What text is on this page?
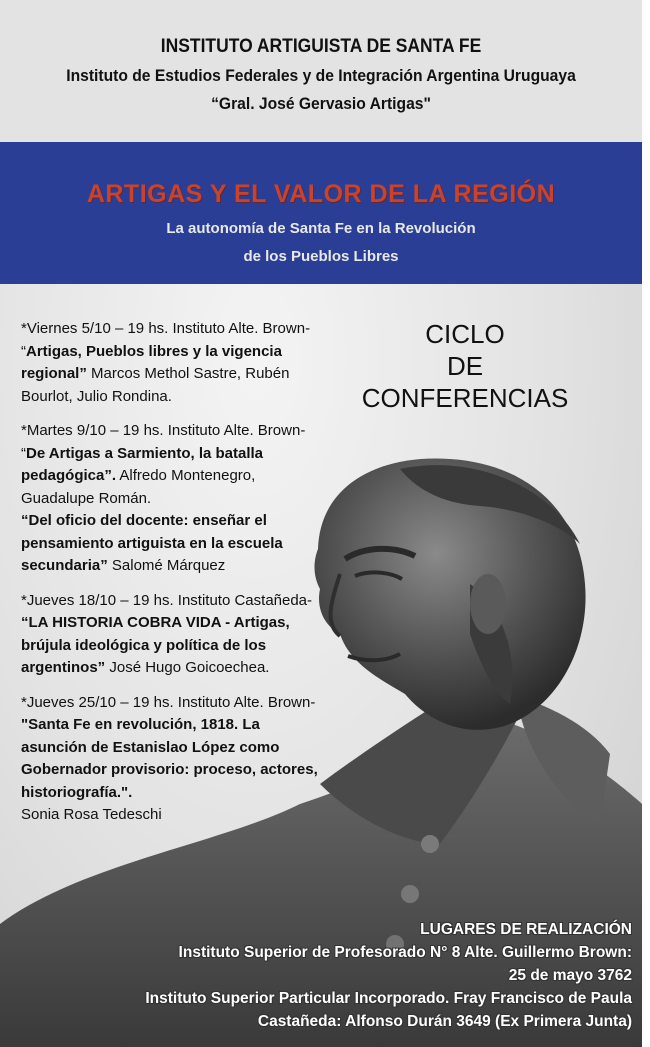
INSTITUTO ARTIGUISTA DE SANTA FE
Instituto de Estudios Federales y de Integración Argentina Uruguaya
“Gral. José Gervasio Artigas"
ARTIGAS Y EL VALOR DE LA REGIÓN
La autonomía de Santa Fe en la Revolución
de los Pueblos Libres
CICLO
DE
CONFERENCIAS
*Viernes 5/10 – 19 hs. Instituto Alte. Brown- “Artigas, Pueblos libres y la vigencia regional” Marcos Methol Sastre, Rubén Bourlot, Julio Rondina.
*Martes 9/10 – 19 hs. Instituto Alte. Brown- “De Artigas a Sarmiento, la batalla pedagógica”. Alfredo Montenegro, Guadalupe Román.
“Del oficio del docente: enseñar el pensamiento artiguista en la escuela secundaria” Salomé Márquez
*Jueves 18/10 – 19 hs. Instituto Castañeda- “LA HISTORIA COBRA VIDA - Artigas, brújula ideológica y política de los argentinos” José Hugo Goicoechea.
*Jueves 25/10 – 19 hs. Instituto Alte. Brown- "Santa Fe en revolución, 1818. La asunción de Estanislao López como Gobernador provisorio: proceso, actores, historiografía.".
Sonia Rosa Tedeschi
LUGARES DE REALIZACIÓN
Instituto Superior de Profesorado N° 8 Alte. Guillermo Brown:
25 de mayo 3762
Instituto Superior Particular Incorporado. Fray Francisco de Paula
Castañeda: Alfonso Durán 3649 (Ex Primera Junta)
